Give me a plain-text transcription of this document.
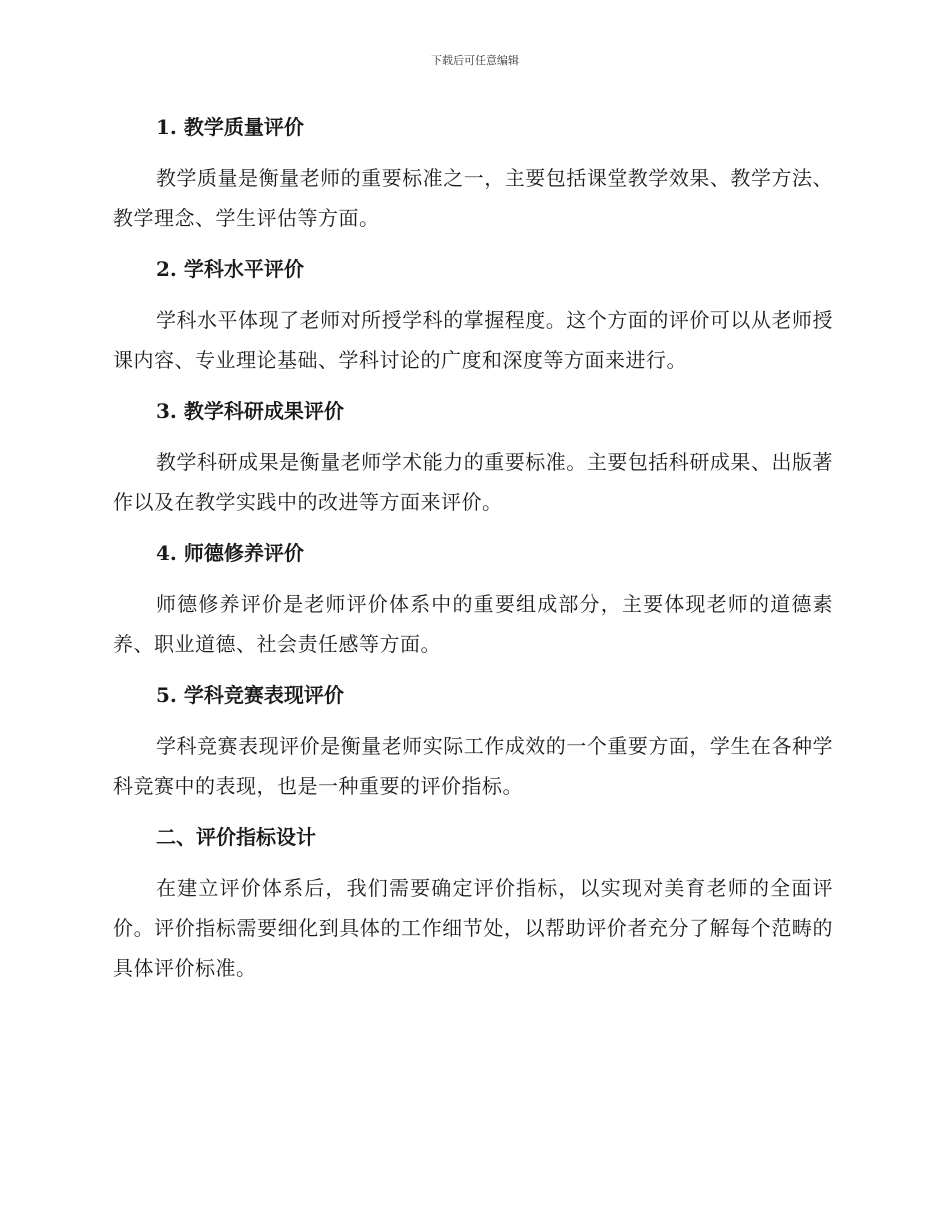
下载后可任意编辑
1. 教学质量评价

教学质量是衡量老师的重要标准之一，主要包括课堂教学效果、教学方法、教学理念、学生评估等方面。

2. 学科水平评价

学科水平体现了老师对所授学科的掌握程度。这个方面的评价可以从老师授课内容、专业理论基础、学科讨论的广度和深度等方面来进行。

3. 教学科研成果评价

教学科研成果是衡量老师学术能力的重要标准。主要包括科研成果、出版著作以及在教学实践中的改进等方面来评价。

4. 师德修养评价

师德修养评价是老师评价体系中的重要组成部分，主要体现老师的道德素养、职业道德、社会责任感等方面。

5. 学科竞赛表现评价

学科竞赛表现评价是衡量老师实际工作成效的一个重要方面，学生在各种学科竞赛中的表现，也是一种重要的评价指标。

二、评价指标设计

在建立评价体系后，我们需要确定评价指标，以实现对美育老师的全面评价。评价指标需要细化到具体的工作细节处，以帮助评价者充分了解每个范畴的具体评价标准。
